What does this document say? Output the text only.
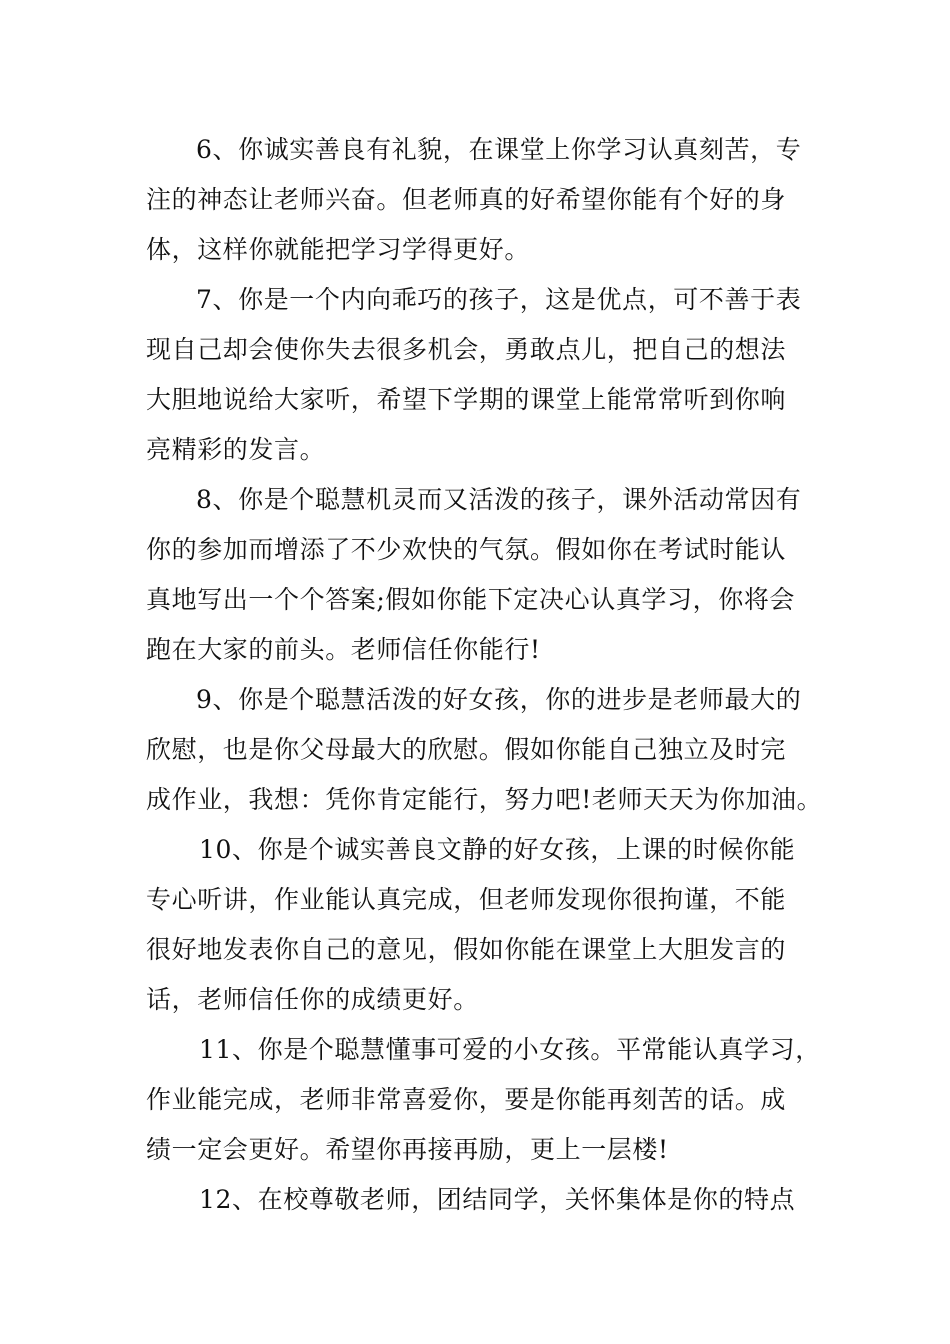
6、你诚实善良有礼貌，在课堂上你学习认真刻苦，专
注的神态让老师兴奋。但老师真的好希望你能有个好的身
体，这样你就能把学习学得更好。
7、你是一个内向乖巧的孩子，这是优点，可不善于表
现自己却会使你失去很多机会，勇敢点儿，把自己的想法
大胆地说给大家听，希望下学期的课堂上能常常听到你响
亮精彩的发言。
8、你是个聪慧机灵而又活泼的孩子，课外活动常因有
你的参加而增添了不少欢快的气氛。假如你在考试时能认
真地写出一个个答案;假如你能下定决心认真学习，你将会
跑在大家的前头。老师信任你能行!
9、你是个聪慧活泼的好女孩，你的进步是老师最大的
欣慰，也是你父母最大的欣慰。假如你能自己独立及时完
成作业，我想：凭你肯定能行，努力吧!老师天天为你加油。
10、你是个诚实善良文静的好女孩，上课的时候你能
专心听讲，作业能认真完成，但老师发现你很拘谨，不能
很好地发表你自己的意见，假如你能在课堂上大胆发言的
话，老师信任你的成绩更好。
11、你是个聪慧懂事可爱的小女孩。平常能认真学习，
作业能完成，老师非常喜爱你，要是你能再刻苦的话。成
绩一定会更好。希望你再接再励，更上一层楼!
12、在校尊敬老师，团结同学，关怀集体是你的特点
